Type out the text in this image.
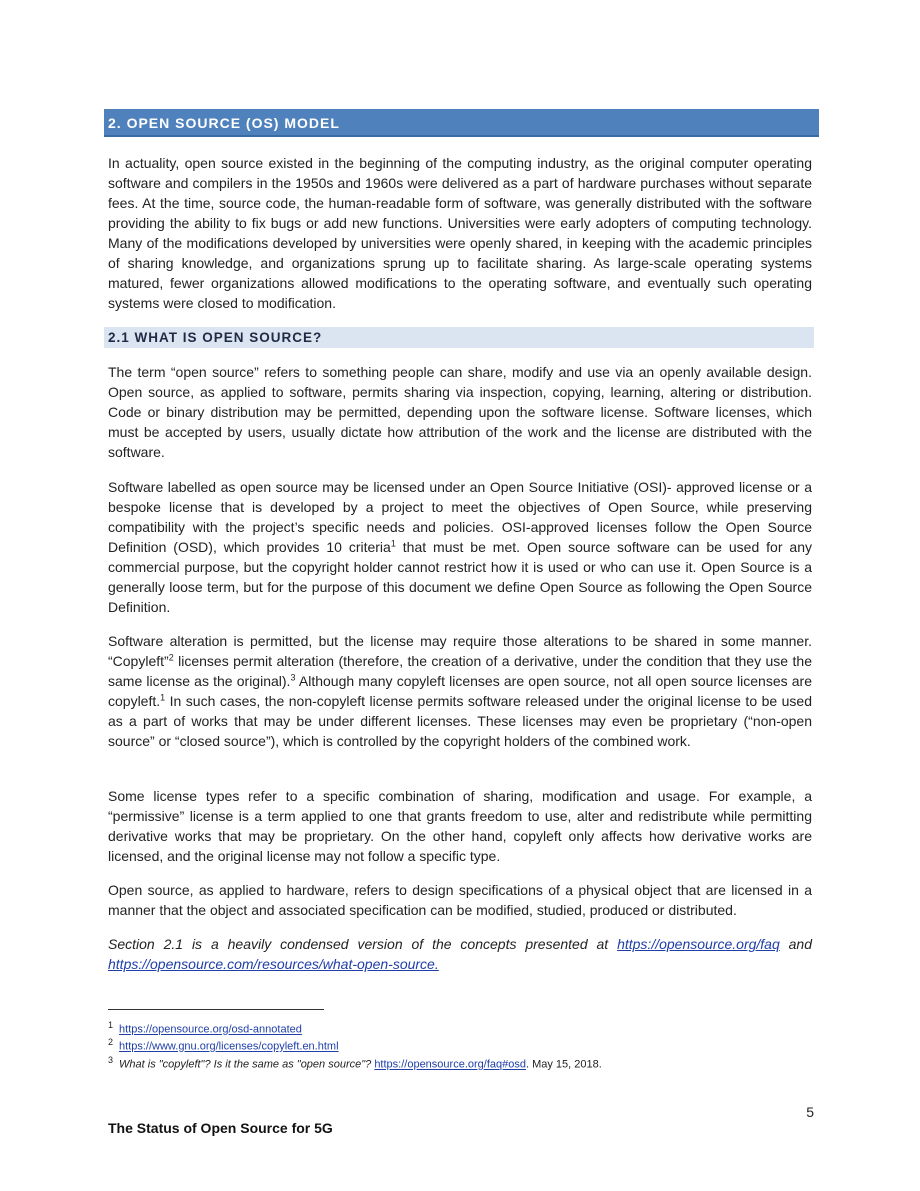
2. OPEN SOURCE (OS) MODEL

In actuality, open source existed in the beginning of the computing industry, as the original computer operating software and compilers in the 1950s and 1960s were delivered as a part of hardware purchases without separate fees. At the time, source code, the human-readable form of software, was generally distributed with the software providing the ability to fix bugs or add new functions. Universities were early adopters of computing technology. Many of the modifications developed by universities were openly shared, in keeping with the academic principles of sharing knowledge, and organizations sprung up to facilitate sharing. As large-scale operating systems matured, fewer organizations allowed modifications to the operating software, and eventually such operating systems were closed to modification.

2.1 WHAT IS OPEN SOURCE?

The term “open source” refers to something people can share, modify and use via an openly available design. Open source, as applied to software, permits sharing via inspection, copying, learning, altering or distribution. Code or binary distribution may be permitted, depending upon the software license. Software licenses, which must be accepted by users, usually dictate how attribution of the work and the license are distributed with the software.

Software labelled as open source may be licensed under an Open Source Initiative (OSI)- approved license or a bespoke license that is developed by a project to meet the objectives of Open Source, while preserving compatibility with the project’s specific needs and policies. OSI-approved licenses follow the Open Source Definition (OSD), which provides 10 criteria$^1$ that must be met. Open source software can be used for any commercial purpose, but the copyright holder cannot restrict how it is used or who can use it. Open Source is a generally loose term, but for the purpose of this document we define Open Source as following the Open Source Definition.

Software alteration is permitted, but the license may require those alterations to be shared in some manner. “Copyleft”$^2$ licenses permit alteration (therefore, the creation of a derivative, under the condition that they use the same license as the original).$^3$ Although many copyleft licenses are open source, not all open source licenses are copyleft.$^1$ In such cases, the non-copyleft license permits software released under the original license to be used as a part of works that may be under different licenses. These licenses may even be proprietary (“non-open source” or “closed source”), which is controlled by the copyright holders of the combined work.

Some license types refer to a specific combination of sharing, modification and usage. For example, a “permissive” license is a term applied to one that grants freedom to use, alter and redistribute while permitting derivative works that may be proprietary. On the other hand, copyleft only affects how derivative works are licensed, and the original license may not follow a specific type.

Open source, as applied to hardware, refers to design specifications of a physical object that are licensed in a manner that the object and associated specification can be modified, studied, produced or distributed.

Section 2.1 is a heavily condensed version of the concepts presented at https://opensource.org/faq and https://opensource.com/resources/what-open-source.

$^1$ https://opensource.org/osd-annotated
$^2$ https://www.gnu.org/licenses/copyleft.en.html
$^3$ What is "copyleft"? Is it the same as "open source"? https://opensource.org/faq#osd. May 15, 2018.
5
The Status of Open Source for 5G
